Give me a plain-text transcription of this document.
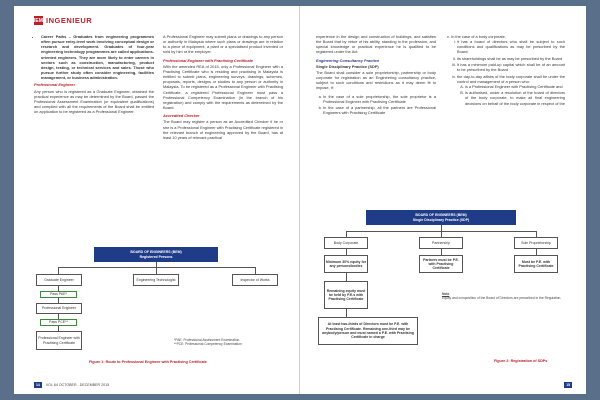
IEM INGENIEUR
• Career Paths – Graduates from engineering programmes often pursue entry-level work involving conceptual design or research and development. Graduates of four-year engineering technology programmes are called applications-oriented engineers. They are more likely to enter careers in sectors such as construction, manufacturing, product design, testing, or technical services and sales. Those who pursue further study often consider engineering, facilities management, or business administration.
Professional Engineer

Any person who is registered as a Graduate Engineer, obtained the practical experience as may be determined by the Board, passed the Professional Assessment Examination (or equivalent qualifications) and complied with all the requirements of the Board shall be entitled on application to be registered as a Professional Engineer.

A Professional Engineer may submit plans or drawings to any person or authority in Malaysia where such plans or drawings are in relation to a piece of equipment, a plant or a specialised product invented or sold by him or the employer.

Professional Engineer with Practising Certificate

With the amended REA of 2015, only a Professional Engineer with a Practising Certificate who is residing and practising in Malaysia is entitled to submit plans, engineering surveys, drawings, schemes, proposals, reports, designs or studies to any person or authority in Malaysia. To be registered as a Professional Engineer with Practising Certificate, a registered Professional Engineer must pass a Professional Competency Examination (in the branch of his registration) and comply with the requirements as determined by the Board.

Accredited Checker

The Board may register a person as an Accredited Checker if he or she is a Professional Engineer with Practising Certificate registered in the relevant branch of engineering approved by the Board, has at least 10 years of relevant practical

BOARD OF ENGINEERS (BEM)
Registered Persons
Graduate Engineer	Engineering Technologist	Inspector of Works
Pass PAE*
Professional Engineer
Pass PCE**
Professional Engineer with Practising Certificate
*PAE: Professional Assessment Examination
**PCE: Professional Competency Examination
Figure 1: Route to Professional Engineer with Practising Certificate
14	VOL 64 OCTOBER - DECEMBER 2015

experience in the design and construction of buildings, and satisfies the Board that by virtue of his ability, standing in the profession, and special knowledge or practical experience he is qualified to be registered under the Act.

Engineering Consultancy Practice
Single Disciplinary Practice (SDP)

The Board shall consider a sole proprietorship, partnership or body corporate for registration as an Engineering consultancy practice, subject to such conditions and restrictions as it may deem fit to impose, if:

a. In the case of a sole proprietorship, the sole proprietor is a Professional Engineer with Practising Certificate
b. In the case of a partnership, all the partners are Professional Engineers with Practising Certificate
c. In the case of a body corporate,
i. it has a board of directors who shall be subject to such conditions and qualifications as may be prescribed by the Board;
ii. its shareholdings shall be as may be prescribed by the Board
iii. it has a minimum paid-up capital which shall be of an amount to be prescribed by the Board
iv. the day-to-day affairs of the body corporate shall be under the control and management of a person who:
A. is a Professional Engineer with Practising Certificate and
B. is authorised, under a resolution of the board of directors of the body corporate, to make all final engineering decisions on behalf of the body corporate in respect of the
BOARD OF ENGINEERS (BEM)
Single Disciplinary Practice (SDP)
Body Corporate	Partnership	Sole Proprietorship
Minimum 30% equity for any persons/bodies
Partners must be P.E. with Practising Certificate
Must be P.E. with Practising Certificate
Remaining equity must be held by P.E.s with Practising Certificate
At least two-thirds of Directors must be P.E. with Practising Certificate. Remaining one-third may be anybody/person and must named a P.E. with Practising Certificate in charge
Note
Equity and composition of the Board of Directors are prescribed in the Regulation.
Figure 2: Registration of SDPs
15
